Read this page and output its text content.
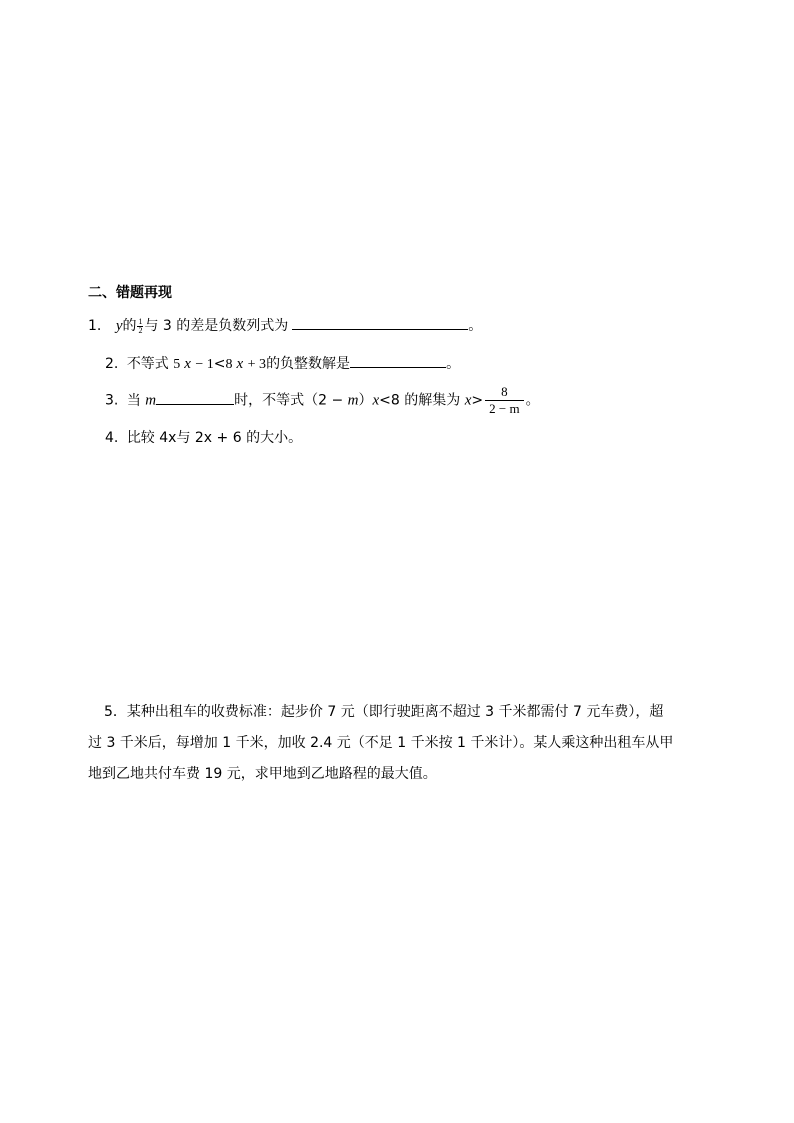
二、错题再现
1. y的 $\frac{1}{2}$ 与 3 的差是负数列式为	。
2. 不等式 5 x − 1<8 x + 3的负整数解是	。
3. 当 m	时，不等式（2 − m）x<8 的解集为 $x> \frac{8}{2 - m}$ 。
4. 比较 4x与 2x + 6 的大小。
5．某种出租车的收费标准：起步价 7 元（即行驶距离不超过 3 千米都需付 7 元车费），超
过 3 千米后，每增加 1 千米，加收 2.4 元（不足 1 千米按 1 千米计）。某人乘这种出租车从甲
地到乙地共付车费 19 元，求甲地到乙地路程的最大值。
